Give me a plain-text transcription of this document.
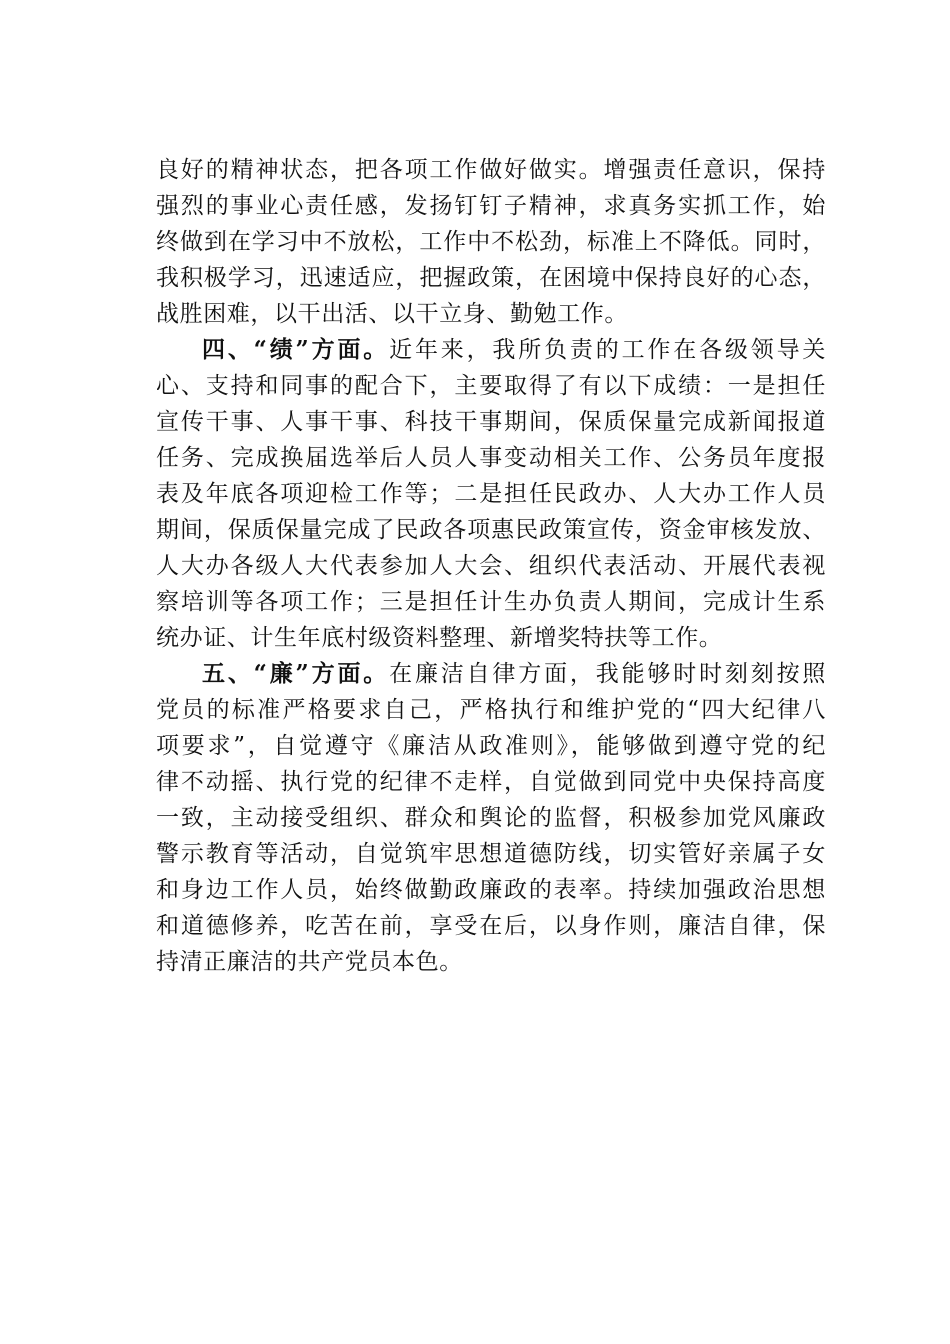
良好的精神状态，把各项工作做好做实。增强责任意识，保持
强烈的事业心责任感，发扬钉钉子精神，求真务实抓工作，始
终做到在学习中不放松，工作中不松劲，标准上不降低。同时，
我积极学习，迅速适应，把握政策，在困境中保持良好的心态，
战胜困难，以干出活、以干立身、勤勉工作。
四、“绩”方面。近年来，我所负责的工作在各级领导关
心、支持和同事的配合下，主要取得了有以下成绩：一是担任
宣传干事、人事干事、科技干事期间，保质保量完成新闻报道
任务、完成换届选举后人员人事变动相关工作、公务员年度报
表及年底各项迎检工作等；二是担任民政办、人大办工作人员
期间，保质保量完成了民政各项惠民政策宣传，资金审核发放、
人大办各级人大代表参加人大会、组织代表活动、开展代表视
察培训等各项工作；三是担任计生办负责人期间，完成计生系
统办证、计生年底村级资料整理、新增奖特扶等工作。
五、“廉”方面。在廉洁自律方面，我能够时时刻刻按照
党员的标准严格要求自己，严格执行和维护党的“四大纪律八
项要求”，自觉遵守《廉洁从政准则》，能够做到遵守党的纪
律不动摇、执行党的纪律不走样，自觉做到同党中央保持高度
一致，主动接受组织、群众和舆论的监督，积极参加党风廉政
警示教育等活动，自觉筑牢思想道德防线，切实管好亲属子女
和身边工作人员，始终做勤政廉政的表率。持续加强政治思想
和道德修养，吃苦在前，享受在后，以身作则，廉洁自律，保
持清正廉洁的共产党员本色。
